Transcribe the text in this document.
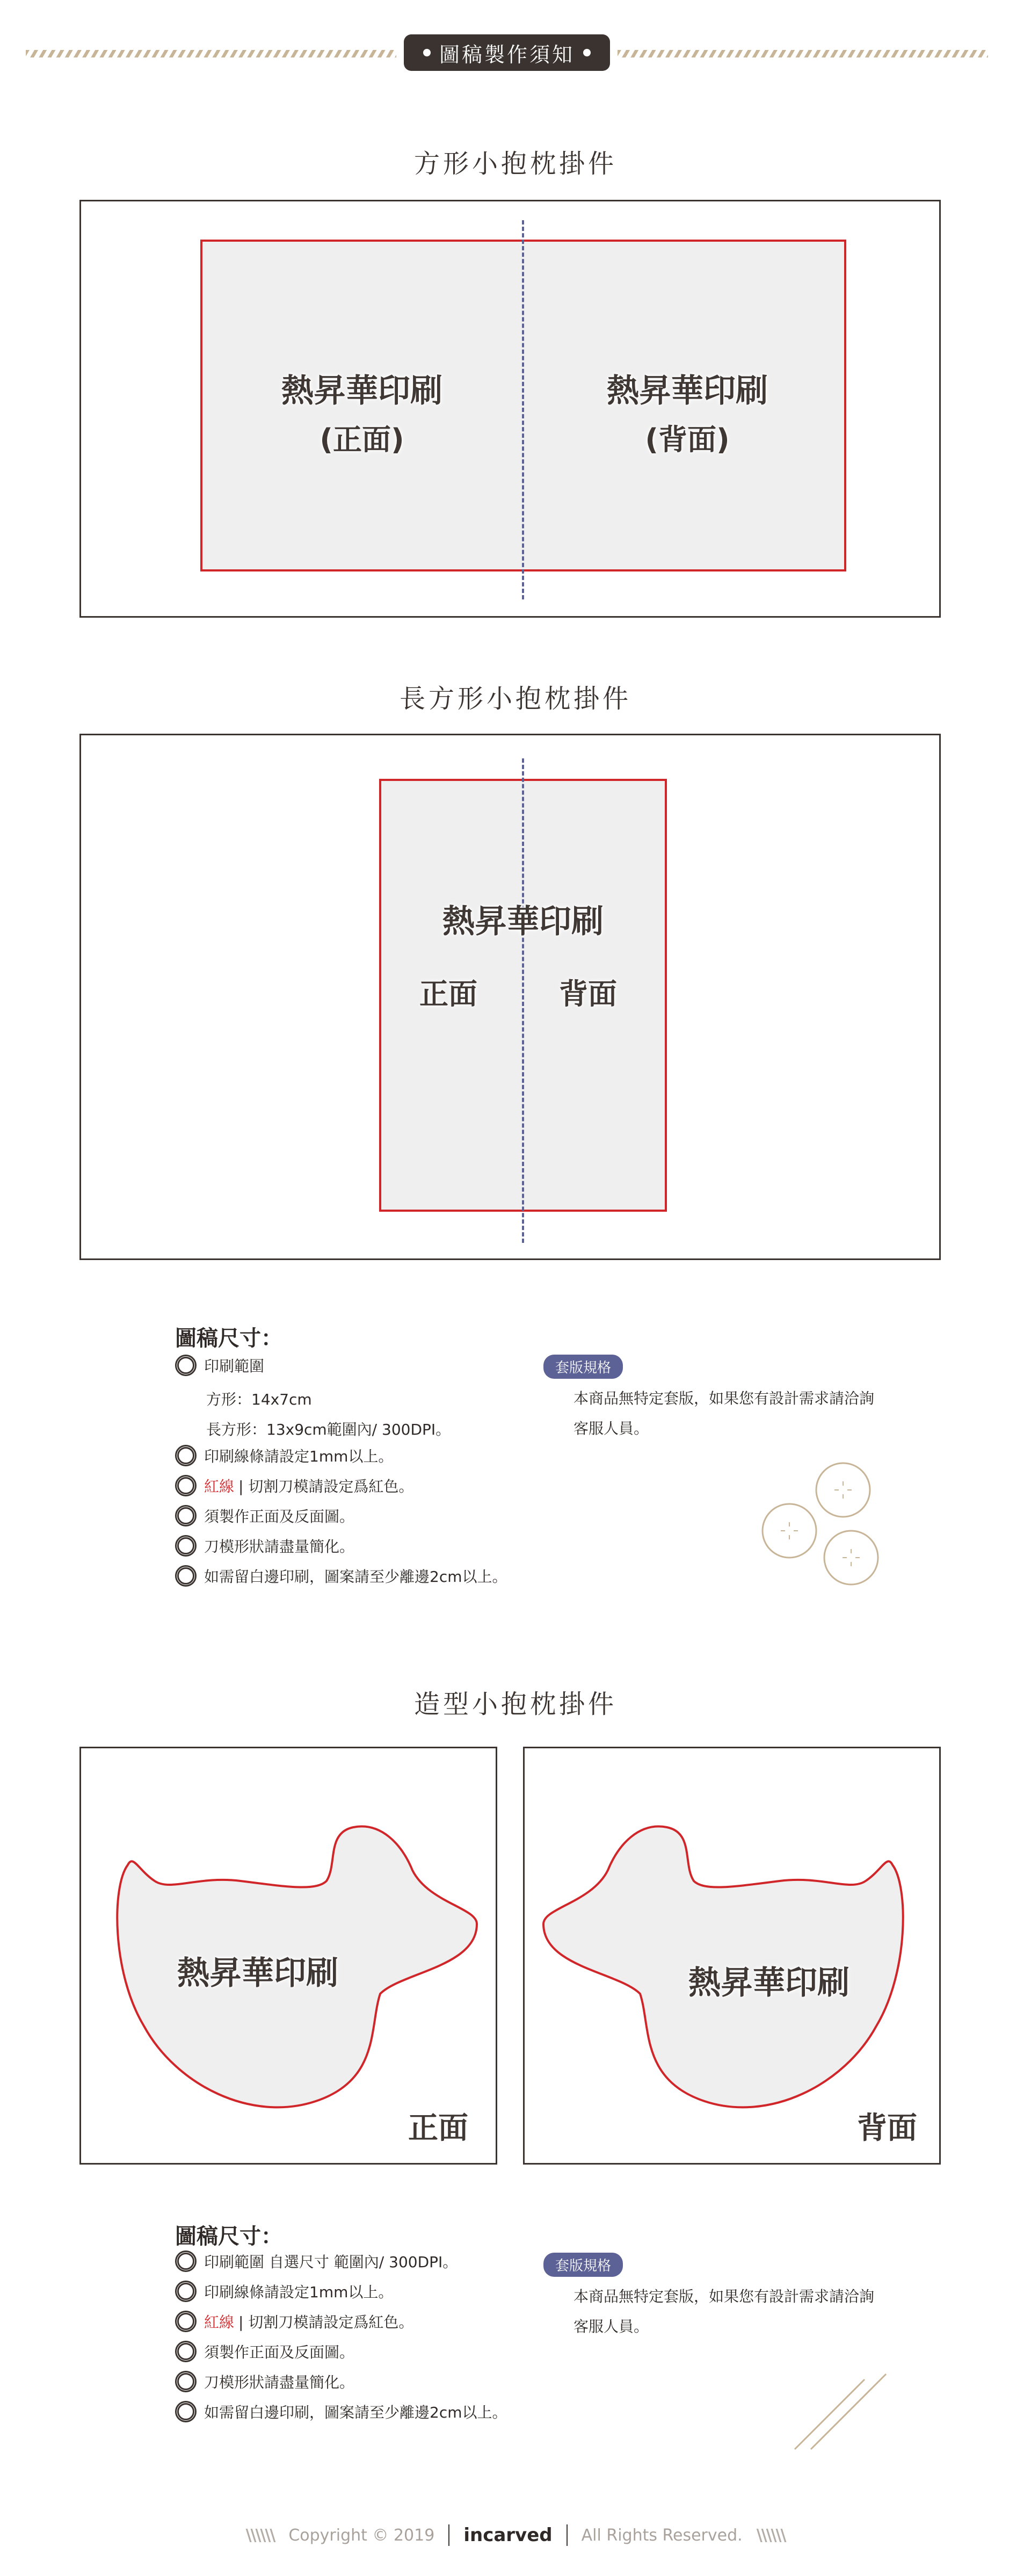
圖稿製作須知
方形小抱枕掛件
熱昇華印刷
(正面)
熱昇華印刷
(背面)
長方形小抱枕掛件
熱昇華印刷
正面	背面
圖稿尺寸：
印刷範圍
方形：14x7cm
長方形：13x9cm範圍內/ 300DPI。
印刷線條請設定1mm以上。
紅線 | 切割刀模請設定爲紅色。
須製作正面及反面圖。
刀模形狀請盡量簡化。
如需留白邊印刷，圖案請至少離邊2cm以上。
套版規格
本商品無特定套版，如果您有設計需求請洽詢客服人員。
造型小抱枕掛件
熱昇華印刷
正面
熱昇華印刷
背面
圖稿尺寸：
印刷範圍 自選尺寸 範圍內/ 300DPI。
印刷線條請設定1mm以上。
紅線 | 切割刀模請設定爲紅色。
須製作正面及反面圖。
刀模形狀請盡量簡化。
如需留白邊印刷，圖案請至少離邊2cm以上。
套版規格
本商品無特定套版，如果您有設計需求請洽詢客服人員。
\\\\\\ Copyright © 2019 incarved All Rights Reserved. \\\\\\
